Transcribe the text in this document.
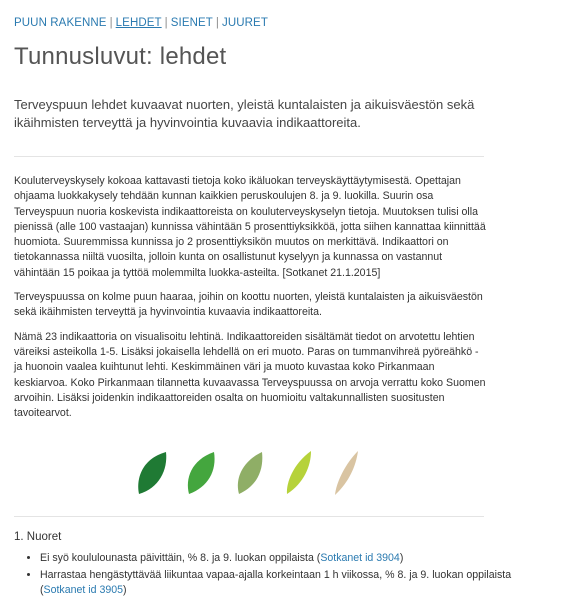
PUUN RAKENNE | LEHDET | SIENET | JUURET
Tunnusluvut: lehdet

Terveyspuun lehdet kuvaavat nuorten, yleistä kuntalaisten ja aikuisväestön sekä ikäihmisten terveyttä ja hyvinvointia kuvaavia indikaattoreita.

Kouluterveyskysely kokoaa kattavasti tietoja koko ikäluokan terveyskäyttäytymisestä. Opettajan ohjaama luokkakysely tehdään kunnan kaikkien peruskoulujen 8. ja 9. luokilla. Suurin osa Terveyspuun nuoria koskevista indikaattoreista on kouluterveyskyselyn tietoja. Muutoksen tulisi olla pienissä (alle 100 vastaajan) kunnissa vähintään 5 prosenttiyksikköä, jotta siihen kannattaa kiinnittää huomiota. Suuremmissa kunnissa jo 2 prosenttiyksikön muutos on merkittävä. Indikaattori on tietokannassa niiltä vuosilta, jolloin kunta on osallistunut kyselyyn ja kunnassa on vastannut vähintään 15 poikaa ja tyttöä molemmilta luokka-asteilta. [Sotkanet 21.1.2015]

Terveyspuussa on kolme puun haaraa, joihin on koottu nuorten, yleistä kuntalaisten ja aikuisväestön sekä ikäihmisten terveyttä ja hyvinvointia kuvaavia indikaattoreita.

Nämä 23 indikaattoria on visualisoitu lehtinä. Indikaattoreiden sisältämät tiedot on arvotettu lehtien väreiksi asteikolla 1-5. Lisäksi jokaisella lehdellä on eri muoto. Paras on tummanvihreä pyöreähkö - ja huonoin vaalea kuihtunut lehti. Keskimmäinen väri ja muoto kuvastaa koko Pirkanmaan keskiarvoa. Koko Pirkanmaan tilannetta kuvaavassa Terveyspuussa on arvoja verrattu koko Suomen arvoihin. Lisäksi joidenkin indikaattoreiden osalta on huomioitu valtakunnallisten suositusten tavoitearvot.

1. Nuoret
• Ei syö koululounasta päivittäin, % 8. ja 9. luokan oppilaista (Sotkanet id 3904)
• Harrastaa hengästyttävää liikuntaa vapaa-ajalla korkeintaan 1 h viikossa, % 8. ja 9. luokan oppilaista (Sotkanet id 3905)
